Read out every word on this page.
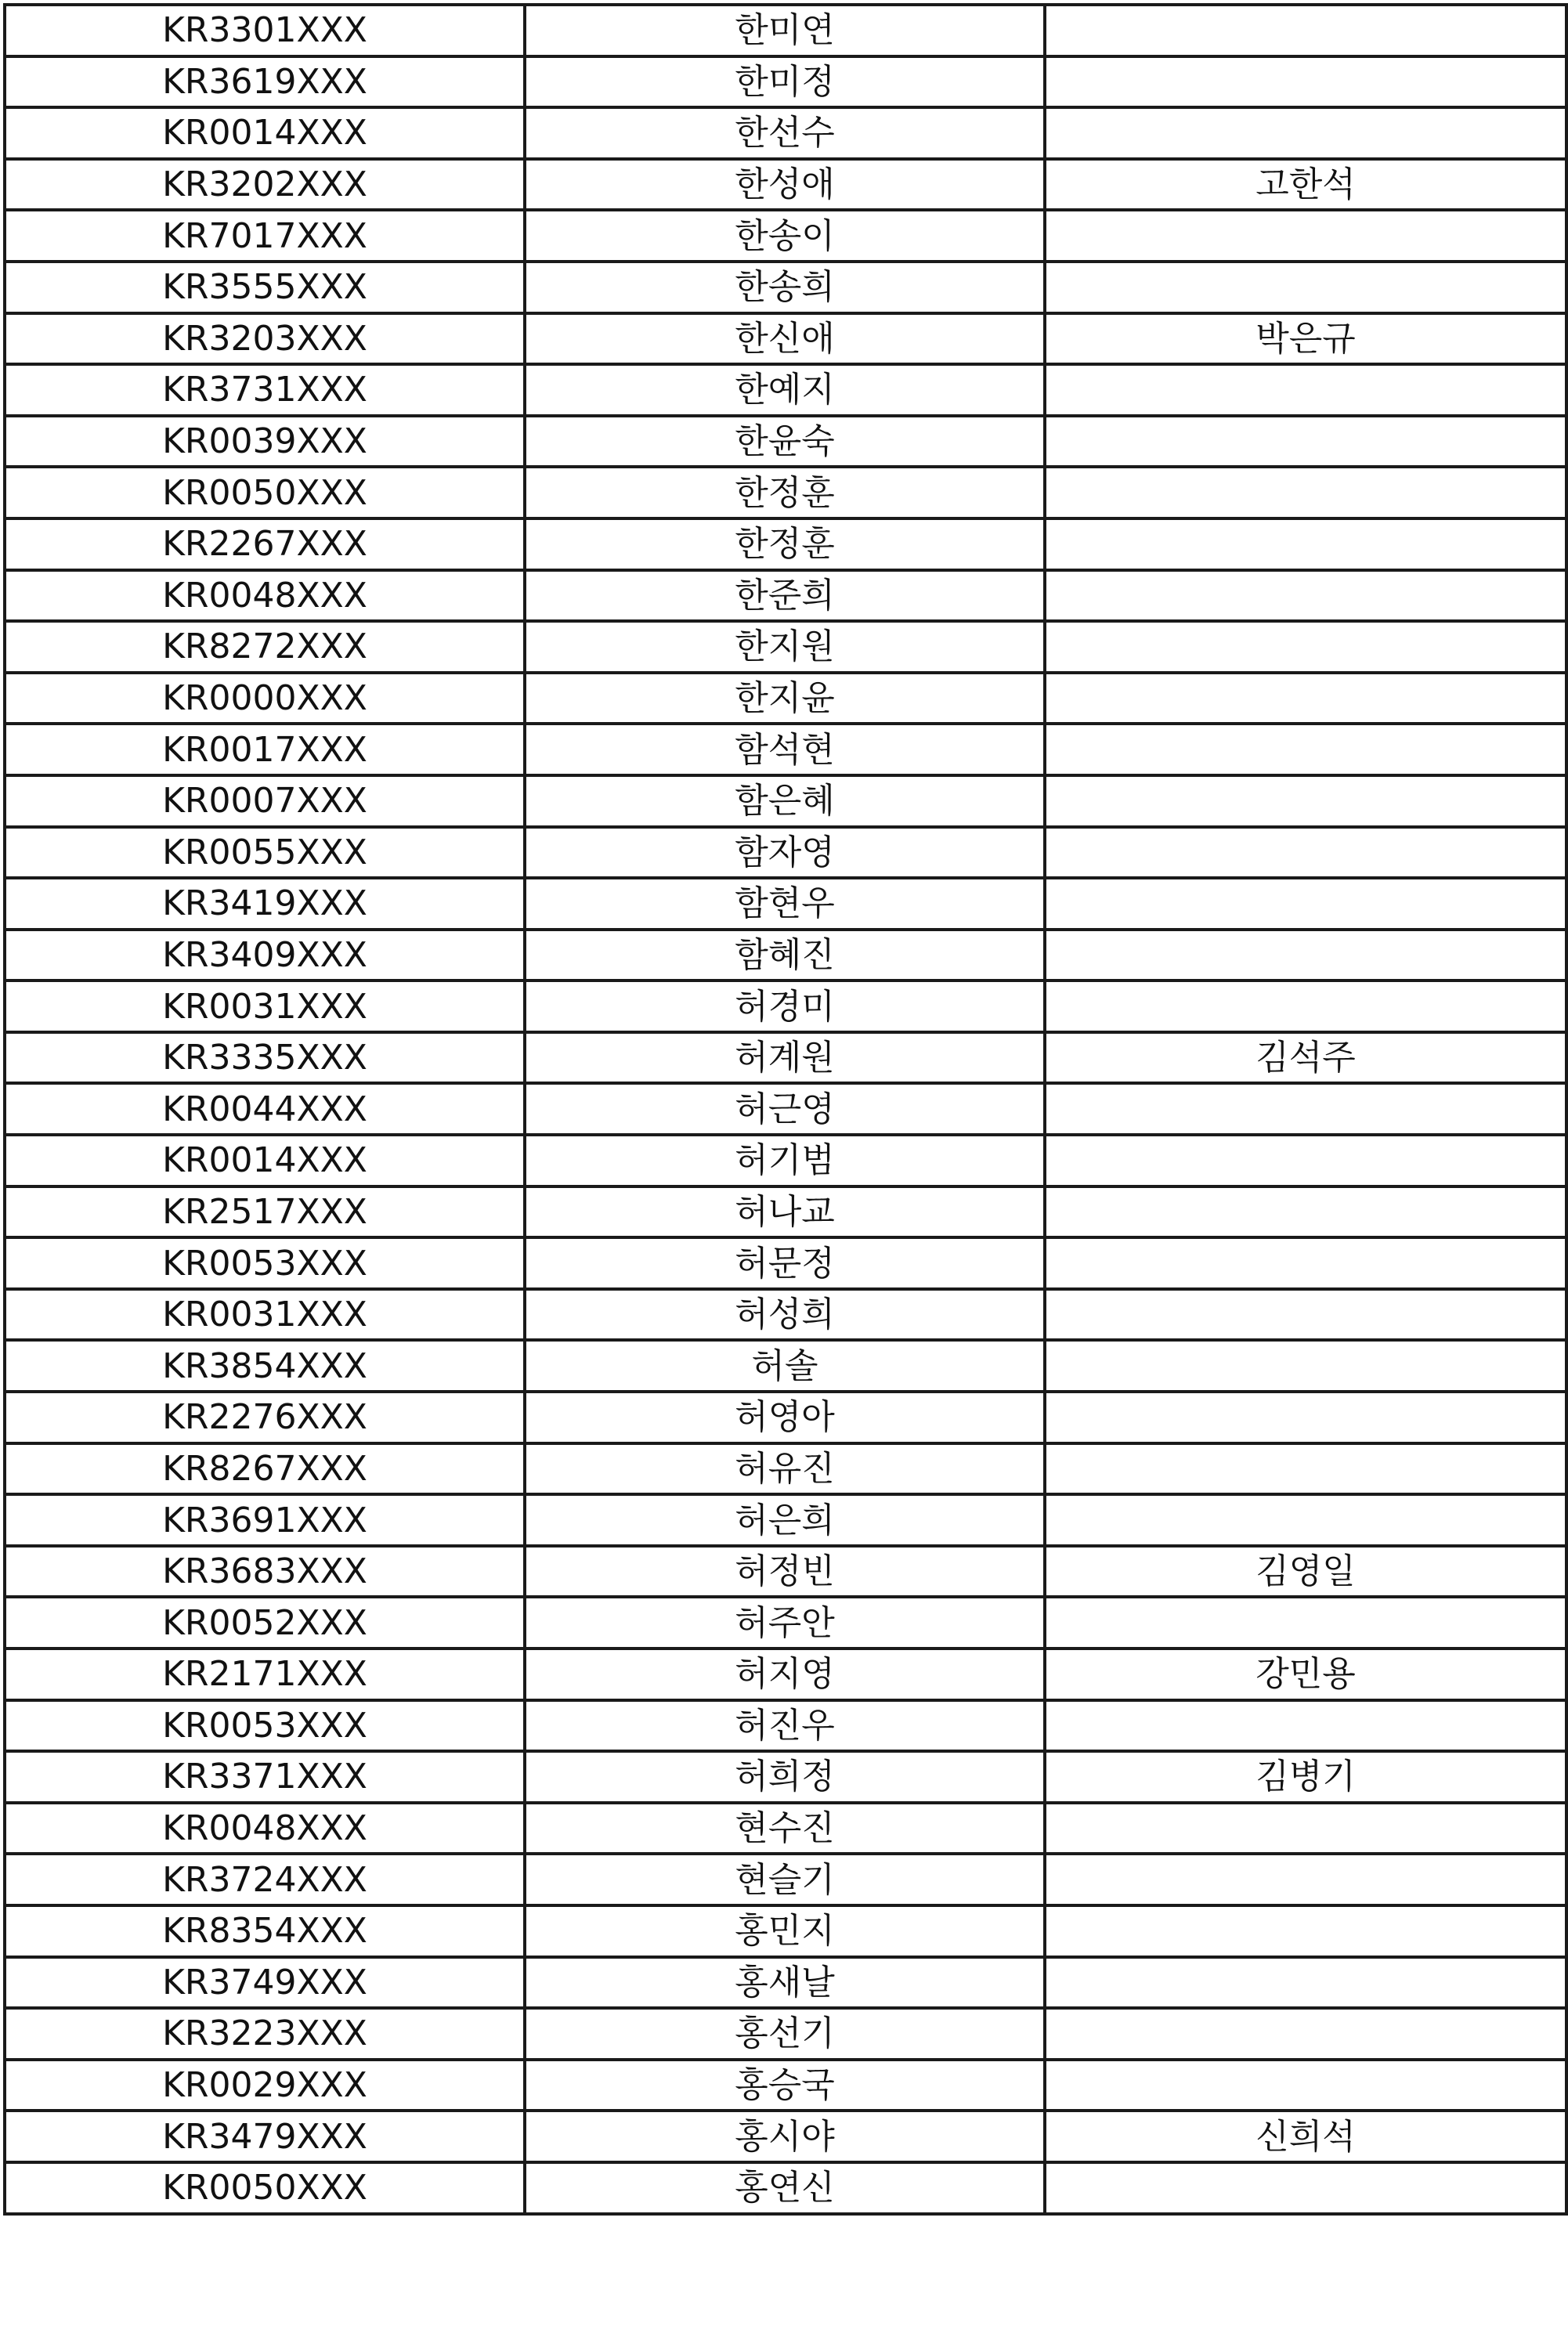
KR3301XXX	한미연	
KR3619XXX	한미정	
KR0014XXX	한선수	
KR3202XXX	한성애	고한석
KR7017XXX	한송이	
KR3555XXX	한송희	
KR3203XXX	한신애	박은규
KR3731XXX	한예지	
KR0039XXX	한윤숙	
KR0050XXX	한정훈	
KR2267XXX	한정훈	
KR0048XXX	한준희	
KR8272XXX	한지원	
KR0000XXX	한지윤	
KR0017XXX	함석현	
KR0007XXX	함은혜	
KR0055XXX	함자영	
KR3419XXX	함현우	
KR3409XXX	함혜진	
KR0031XXX	허경미	
KR3335XXX	허계원	김석주
KR0044XXX	허근영	
KR0014XXX	허기범	
KR2517XXX	허나교	
KR0053XXX	허문정	
KR0031XXX	허성희	
KR3854XXX	허솔	
KR2276XXX	허영아	
KR8267XXX	허유진	
KR3691XXX	허은희	
KR3683XXX	허정빈	김영일
KR0052XXX	허주안	
KR2171XXX	허지영	강민용
KR0053XXX	허진우	
KR3371XXX	허희정	김병기
KR0048XXX	현수진	
KR3724XXX	현슬기	
KR8354XXX	홍민지	
KR3749XXX	홍새날	
KR3223XXX	홍선기	
KR0029XXX	홍승국	
KR3479XXX	홍시야	신희석
KR0050XXX	홍연신	
